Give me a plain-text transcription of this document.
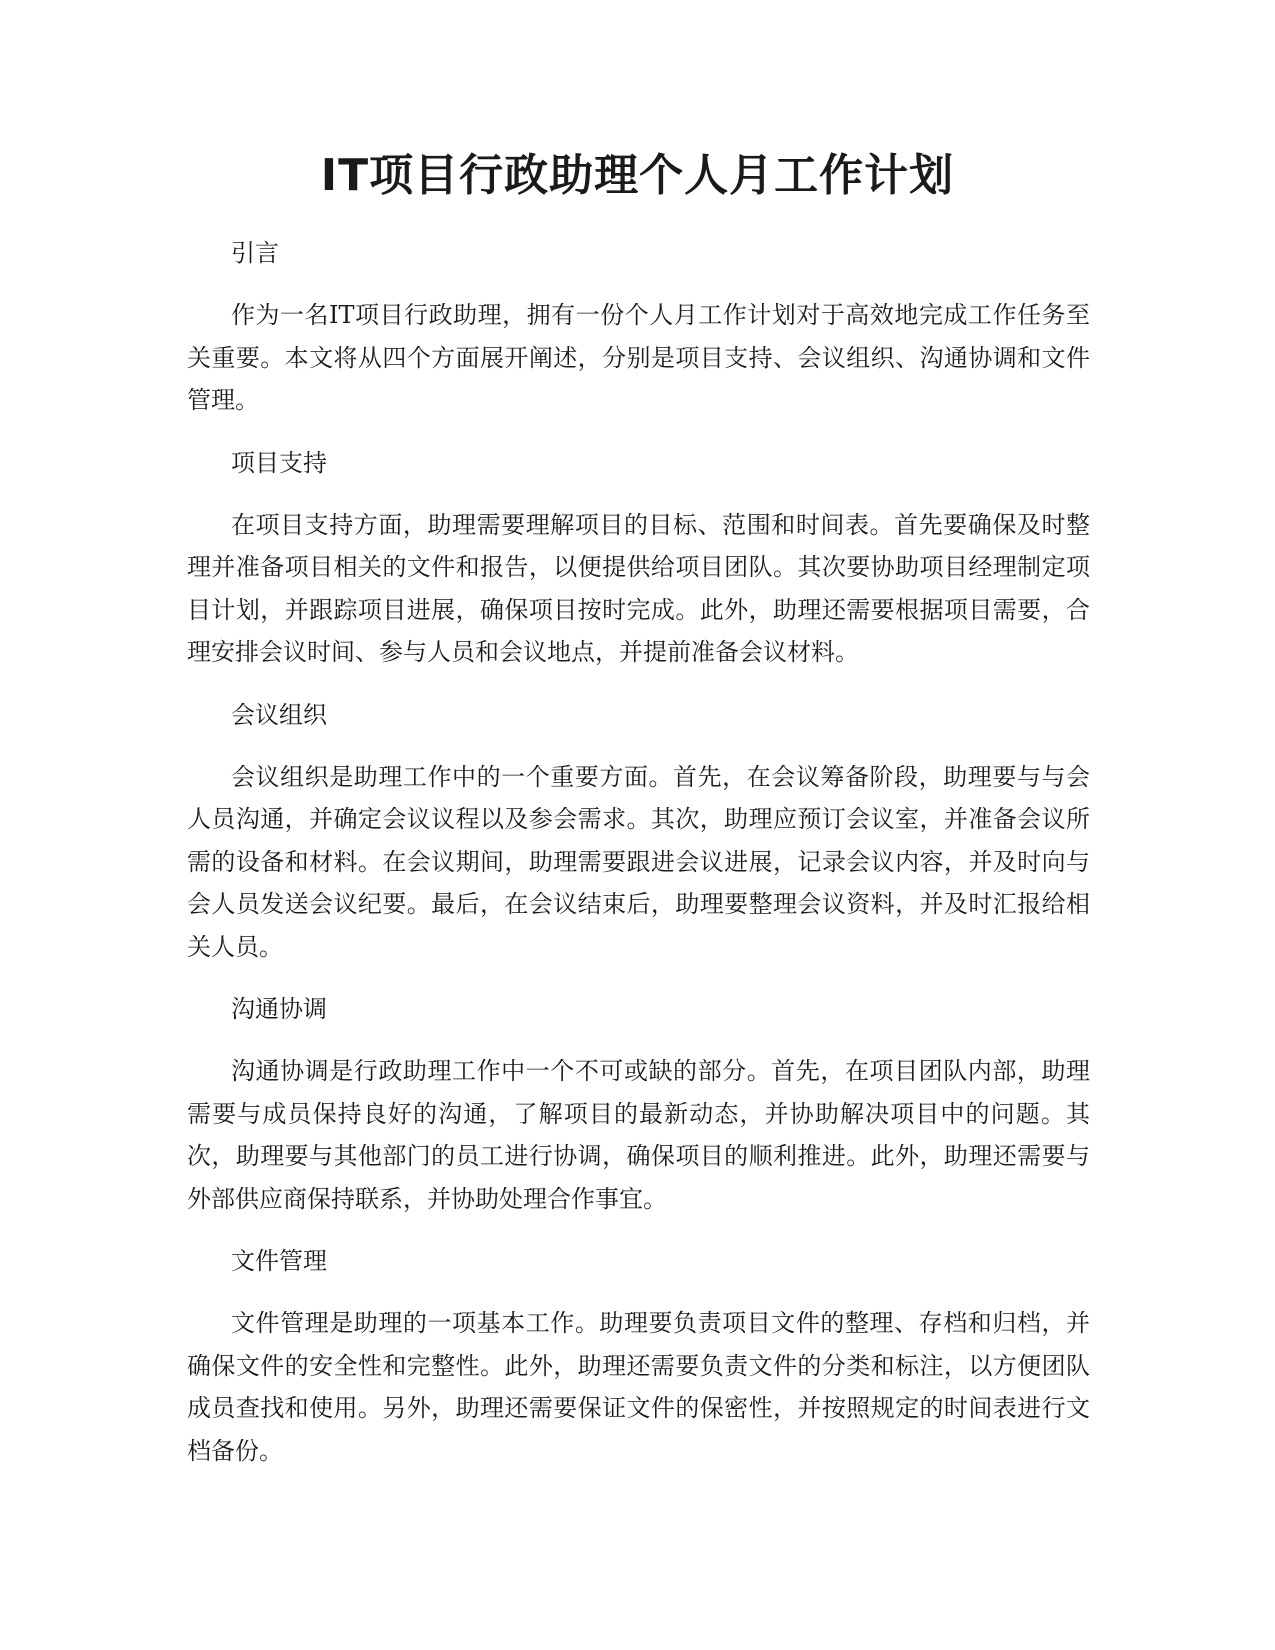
IT项目行政助理个人月工作计划

引言

作为一名IT项目行政助理，拥有一份个人月工作计划对于高效地完成工作任务至关重要。本文将从四个方面展开阐述，分别是项目支持、会议组织、沟通协调和文件管理。

项目支持

在项目支持方面，助理需要理解项目的目标、范围和时间表。首先要确保及时整理并准备项目相关的文件和报告，以便提供给项目团队。其次要协助项目经理制定项目计划，并跟踪项目进展，确保项目按时完成。此外，助理还需要根据项目需要，合理安排会议时间、参与人员和会议地点，并提前准备会议材料。

会议组织

会议组织是助理工作中的一个重要方面。首先，在会议筹备阶段，助理要与与会人员沟通，并确定会议议程以及参会需求。其次，助理应预订会议室，并准备会议所需的设备和材料。在会议期间，助理需要跟进会议进展，记录会议内容，并及时向与会人员发送会议纪要。最后，在会议结束后，助理要整理会议资料，并及时汇报给相关人员。

沟通协调

沟通协调是行政助理工作中一个不可或缺的部分。首先，在项目团队内部，助理需要与成员保持良好的沟通，了解项目的最新动态，并协助解决项目中的问题。其次，助理要与其他部门的员工进行协调，确保项目的顺利推进。此外，助理还需要与外部供应商保持联系，并协助处理合作事宜。

文件管理

文件管理是助理的一项基本工作。助理要负责项目文件的整理、存档和归档，并确保文件的安全性和完整性。此外，助理还需要负责文件的分类和标注，以方便团队成员查找和使用。另外，助理还需要保证文件的保密性，并按照规定的时间表进行文档备份。
